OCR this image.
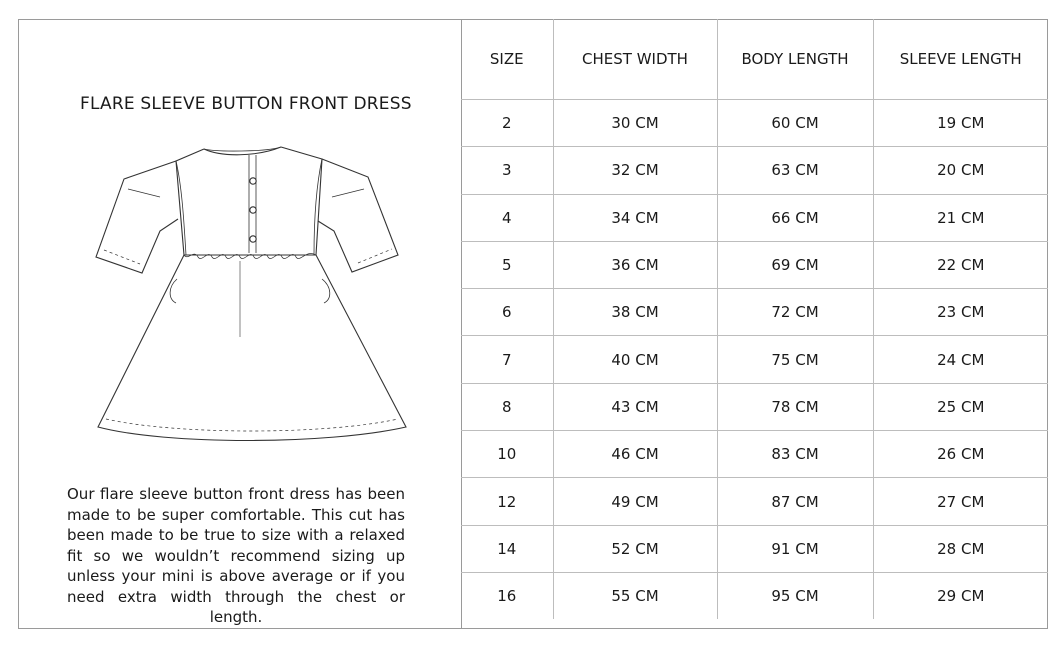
FLARE SLEEVE BUTTON FRONT DRESS

Our flare sleeve button front dress has been made to be super comfortable. This cut has been made to be true to size with a relaxed fit so we wouldn’t recommend sizing up unless your mini is above average or if you need extra width through the chest or length.

SIZE	CHEST WIDTH	BODY LENGTH	SLEEVE LENGTH
2	30 CM	60 CM	19 CM
3	32 CM	63 CM	20 CM
4	34 CM	66 CM	21 CM
5	36 CM	69 CM	22 CM
6	38 CM	72 CM	23 CM
7	40 CM	75 CM	24 CM
8	43 CM	78 CM	25 CM
10	46 CM	83 CM	26 CM
12	49 CM	87 CM	27 CM
14	52 CM	91 CM	28 CM
16	55 CM	95 CM	29 CM
